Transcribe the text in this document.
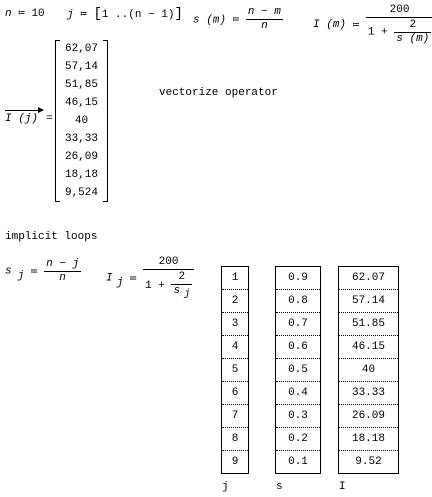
n ≔ 10 j ≔ [1 ..(n − 1)] s (m) ≔ $\frac{n - m}{n}$	I (m) ≔ $\frac{200}{1 + \frac{2}{s (m)}}$
I (j) =
62,07
57,14
51,85
46,15
40
33,33
26,09
18,18
9,524
vectorize operator
implicit loops
s $_j$ ≔ $\frac{n - j}{n}$ I $_j$ ≔ $\frac{200}{1 + \frac{2}{s _j}}$	1
2
3
4
5
6
7
8
9
j
0.9
0.8
0.7
0.6
0.5
0.4
0.3
0.2
0.1
s
62.07
57.14
51.85
46.15
40
33.33
26.09
18.18
9.52
I
